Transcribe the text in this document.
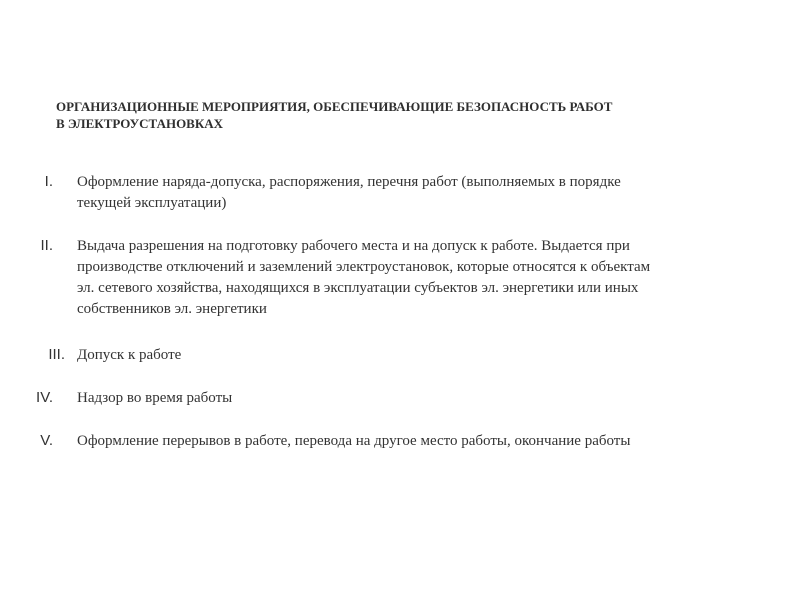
ОРГАНИЗАЦИОННЫЕ МЕРОПРИЯТИЯ, ОБЕСПЕЧИВАЮЩИЕ БЕЗОПАСНОСТЬ РАБОТ
В ЭЛЕКТРОУСТАНОВКАХ
I. Оформление наряда-допуска, распоряжения, перечня работ (выполняемых в порядке
текущей эксплуатации)
II. Выдача разрешения на подготовку рабочего места и на допуск к работе. Выдается при
производстве отключений и заземлений электроустановок, которые относятся к объектам
эл. сетевого хозяйства, находящихся в эксплуатации субъектов эл. энергетики или иных
собственников эл. энергетики
III. Допуск к работе
IV. Надзор во время работы
V. Оформление перерывов в работе, перевода на другое место работы, окончание работы
